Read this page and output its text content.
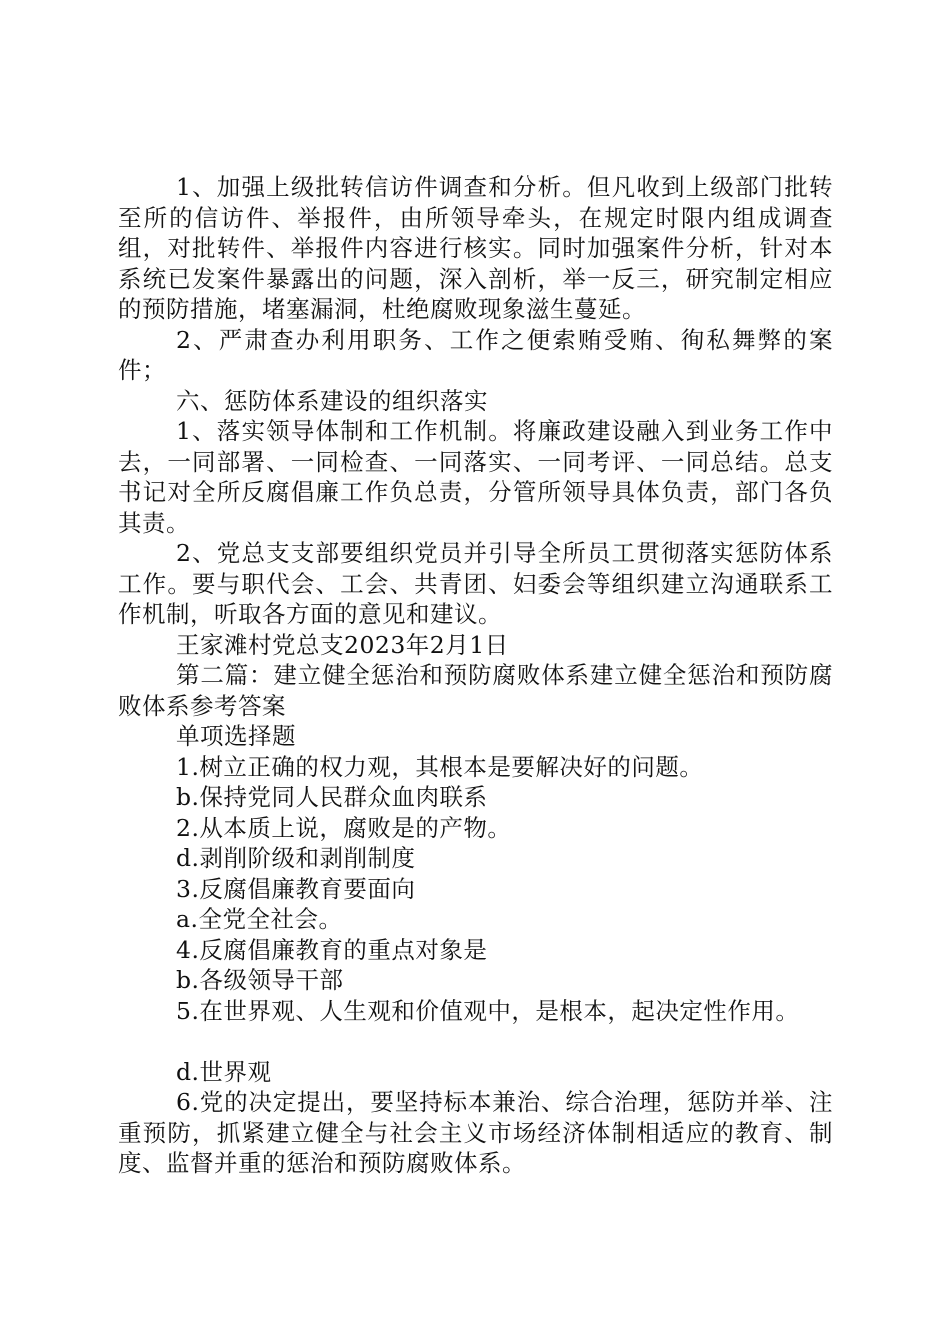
1、加强上级批转信访件调查和分析。但凡收到上级部门批转至所的信访件、举报件，由所领导牵头，在规定时限内组成调查组，对批转件、举报件内容进行核实。同时加强案件分析，针对本系统已发案件暴露出的问题，深入剖析，举一反三，研究制定相应的预防措施，堵塞漏洞，杜绝腐败现象滋生蔓延。

2、严肃查办利用职务、工作之便索贿受贿、徇私舞弊的案件；

六、惩防体系建设的组织落实

1、落实领导体制和工作机制。将廉政建设融入到业务工作中去，一同部署、一同检查、一同落实、一同考评、一同总结。总支书记对全所反腐倡廉工作负总责，分管所领导具体负责，部门各负其责。

2、党总支支部要组织党员并引导全所员工贯彻落实惩防体系工作。要与职代会、工会、共青团、妇委会等组织建立沟通联系工作机制，听取各方面的意见和建议。

王家滩村党总支2023年2月1日

第二篇：建立健全惩治和预防腐败体系建立健全惩治和预防腐败体系参考答案

单项选择题

1.树立正确的权力观，其根本是要解决好的问题。

b.保持党同人民群众血肉联系

2.从本质上说，腐败是的产物。

d.剥削阶级和剥削制度

3.反腐倡廉教育要面向

a.全党全社会。

4.反腐倡廉教育的重点对象是

b.各级领导干部

5.在世界观、人生观和价值观中，是根本，起决定性作用。

d.世界观

6.党的决定提出，要坚持标本兼治、综合治理，惩防并举、注重预防，抓紧建立健全与社会主义市场经济体制相适应的教育、制度、监督并重的惩治和预防腐败体系。
